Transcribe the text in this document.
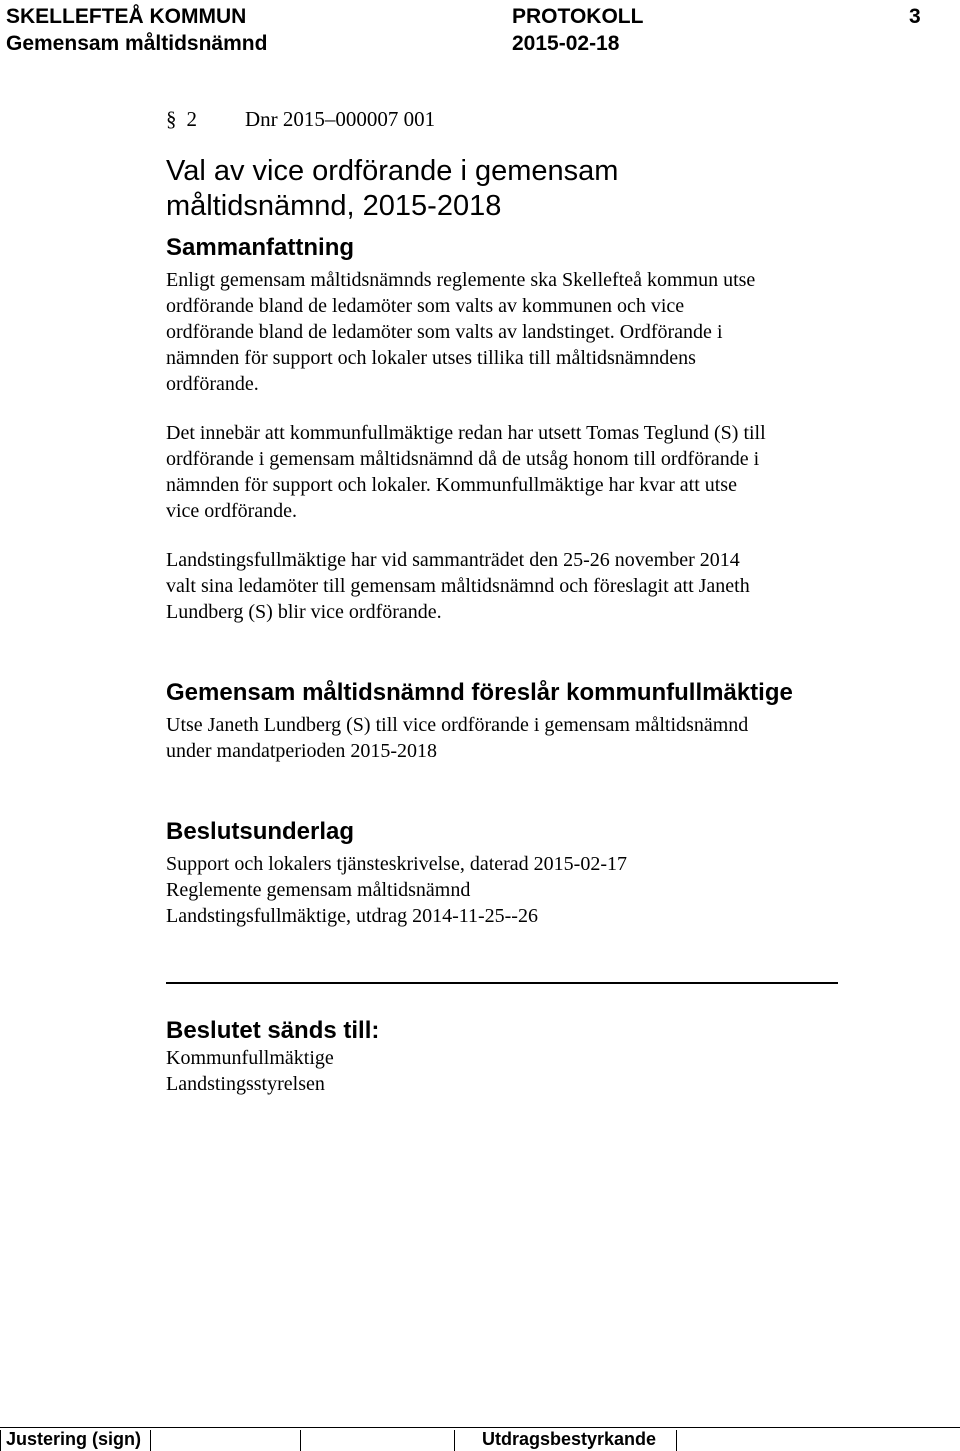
SKELLEFTEÅ KOMMUN	PROTOKOLL	3
Gemensam måltidsnämnd	2015-02-18
§ 2 Dnr 2015–000007 001
Val av vice ordförande i gemensam
måltidsnämnd, 2015-2018
Sammanfattning
Enligt gemensam måltidsnämnds reglemente ska Skellefteå kommun utse
ordförande bland de ledamöter som valts av kommunen och vice
ordförande bland de ledamöter som valts av landstinget. Ordförande i
nämnden för support och lokaler utses tillika till måltidsnämndens
ordförande.
Det innebär att kommunfullmäktige redan har utsett Tomas Teglund (S) till
ordförande i gemensam måltidsnämnd då de utsåg honom till ordförande i
nämnden för support och lokaler. Kommunfullmäktige har kvar att utse
vice ordförande.
Landstingsfullmäktige har vid sammanträdet den 25-26 november 2014
valt sina ledamöter till gemensam måltidsnämnd och föreslagit att Janeth
Lundberg (S) blir vice ordförande.
Gemensam måltidsnämnd föreslår kommunfullmäktige
Utse Janeth Lundberg (S) till vice ordförande i gemensam måltidsnämnd
under mandatperioden 2015-2018
Beslutsunderlag
Support och lokalers tjänsteskrivelse, daterad 2015-02-17
Reglemente gemensam måltidsnämnd
Landstingsfullmäktige, utdrag 2014-11-25--26
Beslutet sänds till:
Kommunfullmäktige
Landstingsstyrelsen
Justering (sign)	Utdragsbestyrkande
